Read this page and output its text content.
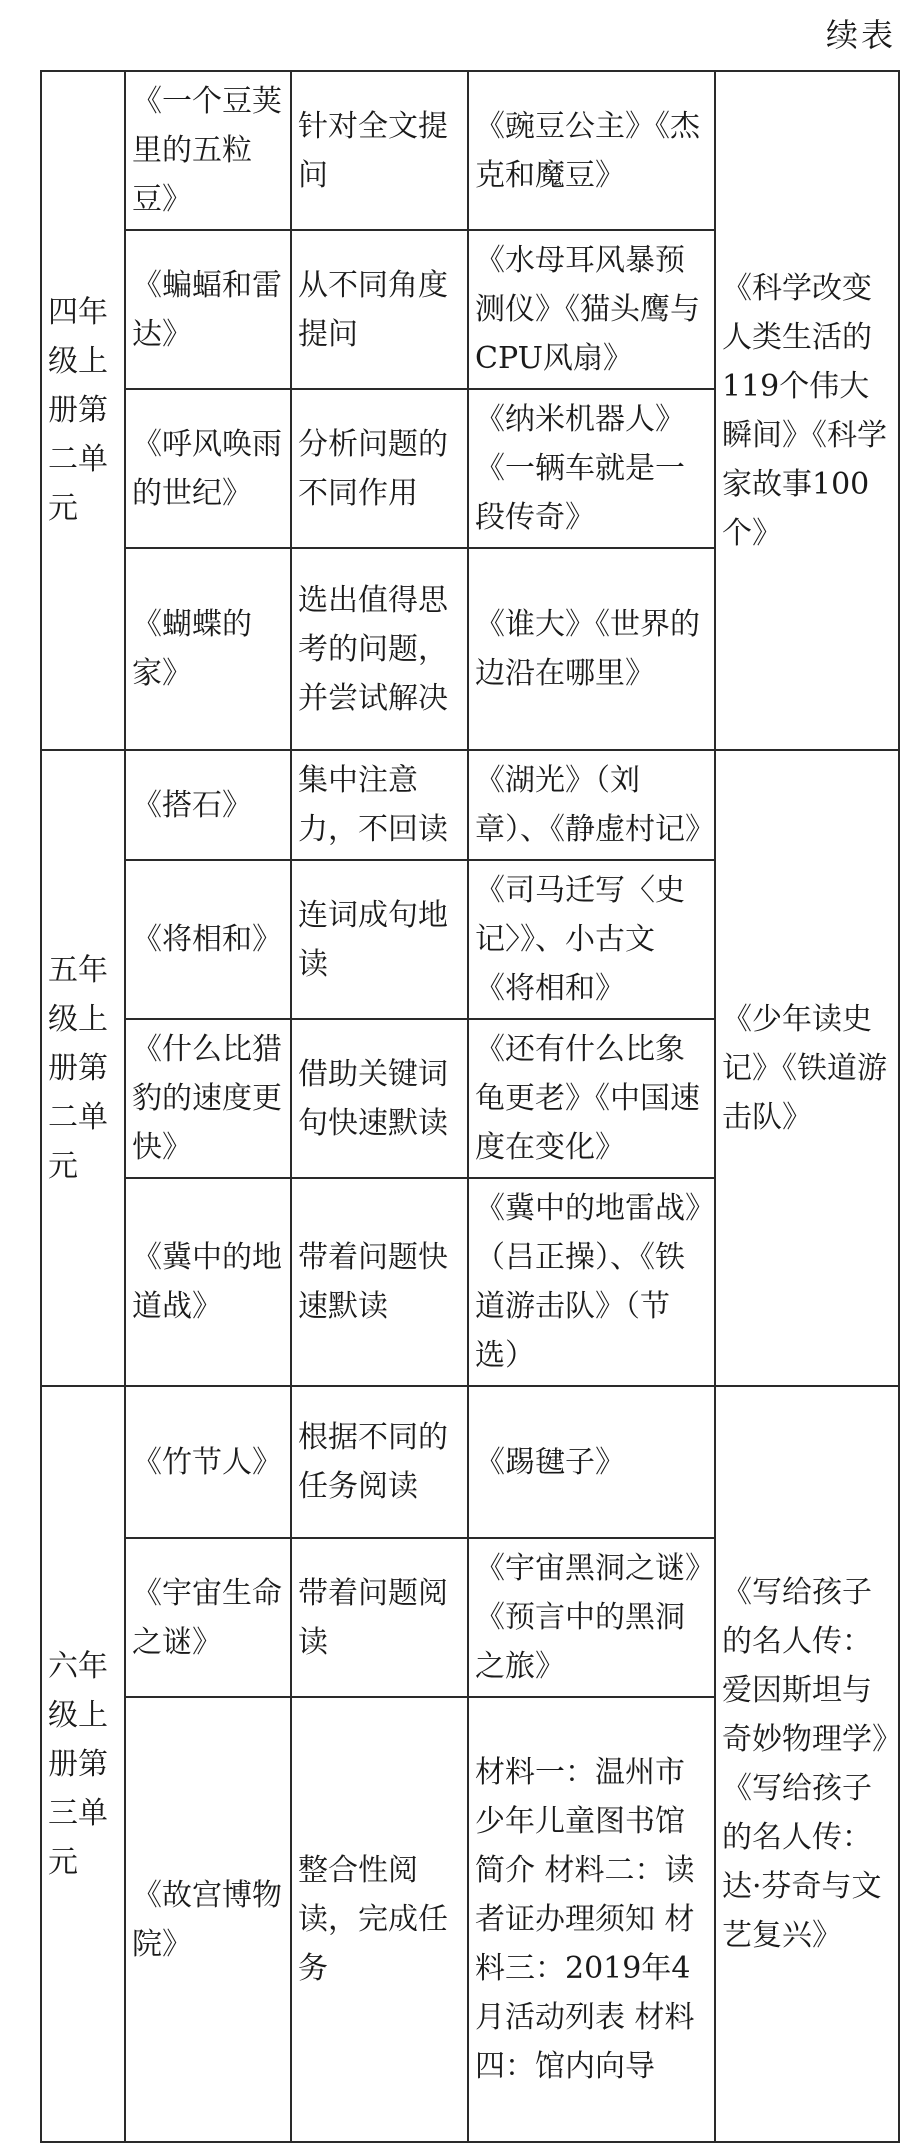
续表
四年级上册第二单元	《一个豆荚里的五粒豆》	针对全文提问	《豌豆公主》《杰克和魔豆》	《科学改变人类生活的119个伟大瞬间》《科学家故事100个》
	《蝙蝠和雷达》	从不同角度提问	《水母耳风暴预测仪》《猫头鹰与CPU风扇》	
	《呼风唤雨的世纪》	分析问题的不同作用	《纳米机器人》《一辆车就是一段传奇》	
	《蝴蝶的家》	选出值得思考的问题，并尝试解决	《谁大》《世界的边沿在哪里》	
五年级上册第二单元	《搭石》	集中注意力，不回读	《湖光》（刘章）、《静虚村记》	《少年读史记》《铁道游击队》
	《将相和》	连词成句地读	《司马迁写〈史记〉》、小古文《将相和》	
	《什么比猎豹的速度更快》	借助关键词句快速默读	《还有什么比象龟更老》《中国速度在变化》	
	《冀中的地道战》	带着问题快速默读	《冀中的地雷战》（吕正操）、《铁道游击队》（节选）	
六年级上册第三单元	《竹节人》	根据不同的任务阅读	《踢毽子》	《写给孩子的名人传：爱因斯坦与奇妙物理学》《写给孩子的名人传：达·芬奇与文艺复兴》
	《宇宙生命之谜》	带着问题阅读	《宇宙黑洞之谜》《预言中的黑洞之旅》	
	《故宫博物院》	整合性阅读，完成任务	材料一：温州市少年儿童图书馆简介 材料二：读者证办理须知 材料三：2019年4月活动列表 材料四：馆内向导	
